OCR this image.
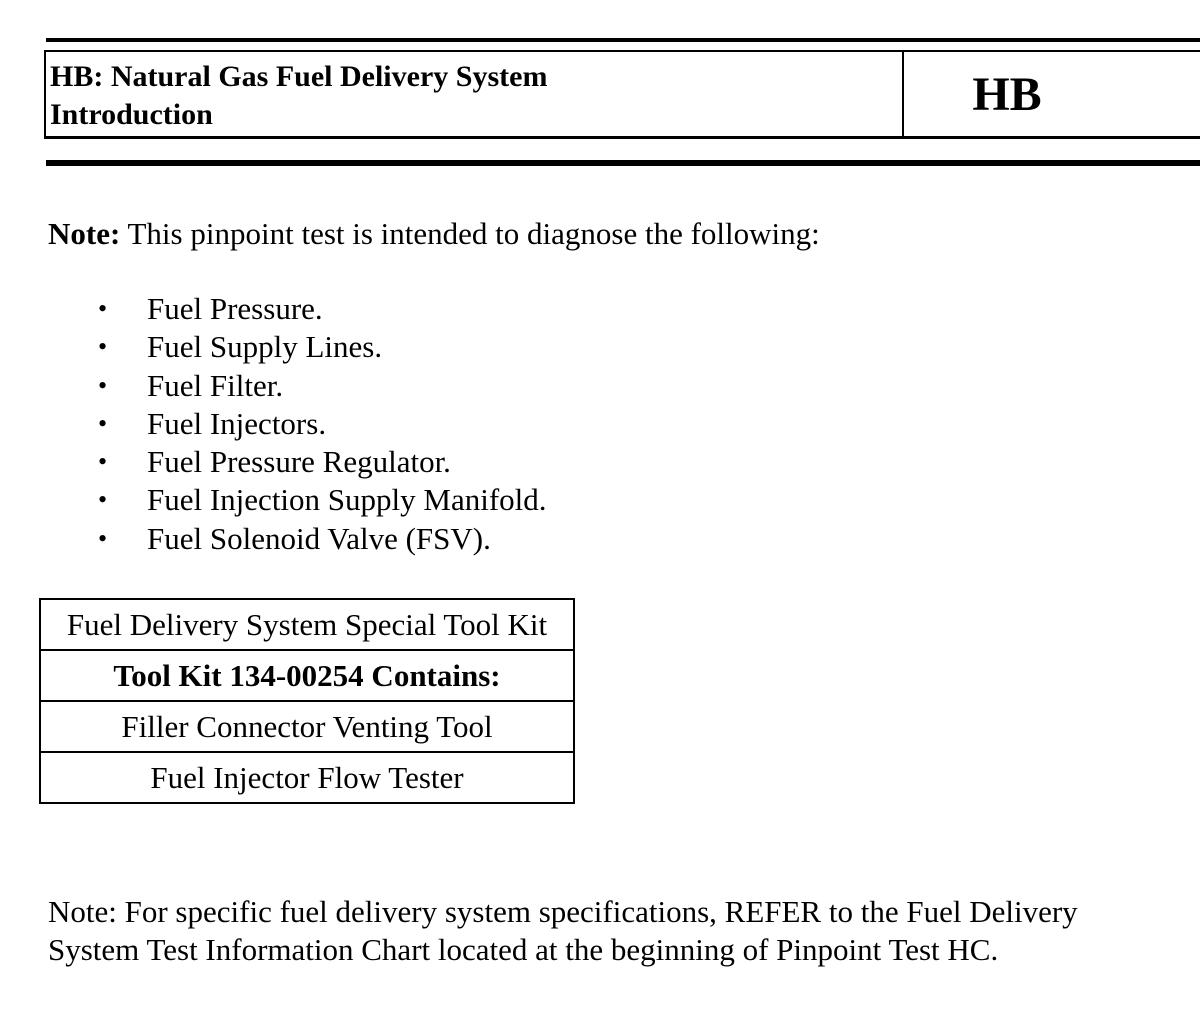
HB: Natural Gas Fuel Delivery System
Introduction	HB
Note: This pinpoint test is intended to diagnose the following:
• Fuel Pressure.
• Fuel Supply Lines.
• Fuel Filter.
• Fuel Injectors.
• Fuel Pressure Regulator.
• Fuel Injection Supply Manifold.
• Fuel Solenoid Valve (FSV).
Fuel Delivery System Special Tool Kit
Tool Kit 134-00254 Contains:
Filler Connector Venting Tool
Fuel Injector Flow Tester
Note: For specific fuel delivery system specifications, REFER to the Fuel Delivery
System Test Information Chart located at the beginning of Pinpoint Test HC.
